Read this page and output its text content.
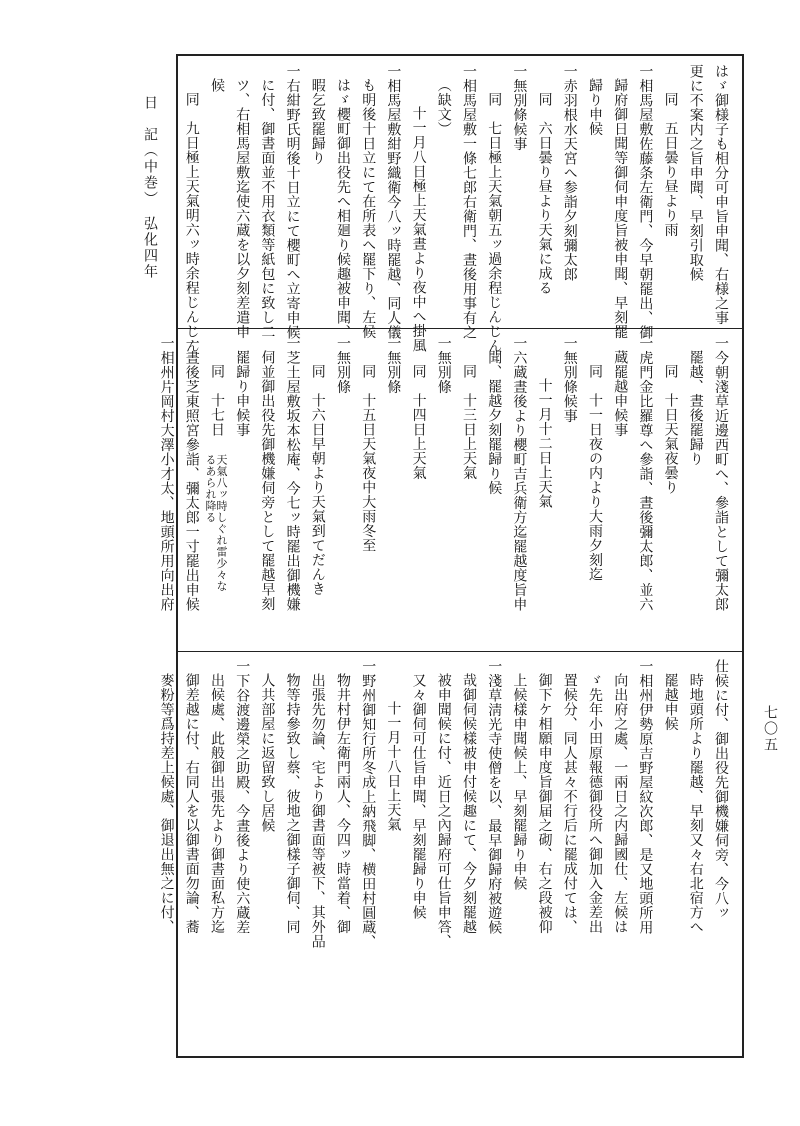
日　記（中巻）　弘化四年
七〇五
はゞ御様子も相分可申旨申聞、右様之事
更に不案内之旨申聞、早刻引取候
同　五日曇り昼より雨
一相馬屋敷佐藤条左衛門、今早朝罷出、御
歸府御日聞等御伺申度旨被申聞、早刻罷
歸り申候
一赤羽根水天宮へ参詣夕刻彌太郎
同　六日曇り昼より天氣に成る
一無別條候事
同　七日極上天氣朝五ッ過余程じんじん
一相馬屋敷一條七郎右衛門、晝後用事有之
（缺文）
十一月八日極上天氣晝より夜中へ掛風
一相馬屋敷紺野織衛今八ッ時罷越、同人儀
も明後十日立にて在所表へ罷下り、左候
はゞ櫻町御出役先へ相廻り候趣被申聞、
暇乞致罷歸り
一右紺野氏明後十日立にて櫻町へ立寄申候
に付、御書面並不用衣類等紙包に致し二
ツ、右相馬屋敷迄使六蔵を以夕刻差遣申
候
同　九日極上天氣明六ッ時余程じんじん
一今朝淺草近邊西町へ、參詣として彌太郎
罷越、晝後罷歸り
同　十日天氣夜曇り
一虎門金比羅尊へ參詣、晝後彌太郎、並六
蔵罷越申候事
同　十一日夜の内より大雨夕刻迄
一無別條候事
十一月十二日上天氣
一六蔵晝後より櫻町吉兵衛方迄罷越度旨申
聞、罷越夕刻罷歸り候
同　十三日上天氣
一無別條
同　十四日上天氣
一無別條
同　十五日天氣夜中大雨冬至
一無別條
同　十六日早朝より天氣到てだんき
一芝土屋敷坂本松庵、今七ッ時罷出御機嫌
伺並御出役先御機嫌伺旁として罷越早刻
罷歸り申候事
同　十七日
天氣八ッ時しぐれ雷少々な
るあられ降る
一晝後芝東照宮參詣、彌太郎一寸罷出申候
一相州片岡村大澤小才太、地頭所用向出府
仕候に付、御出役先御機嫌伺旁、今八ッ
時地頭所より罷越、早刻又々右北宿方へ
罷越申候
一相州伊勢原吉野屋紋次郎、是又地頭所用
向出府之處、一兩日之内歸國仕、左候は
ゞ先年小田原報德御役所へ御加入金差出
置候分、同人甚々不行后に罷成付ては、
御下ケ相願申度旨御届之砌、右之段被仰
上候樣申聞候上、早刻罷歸り申候
一淺草淸光寺使僧を以、最早御歸府被遊候
哉御伺候樣被申付候趣にて、今夕刻罷越
被申聞候に付、近日之內歸府可仕旨申答、
又々御伺可仕旨申聞、早刻罷歸り申候
十一月十八日上天氣
一野州御知行所冬成上納飛脚、横田村圓蔵、
物井村伊左衛門兩人、今四ッ時當着、御
出張先勿論、宅より御書面等被下、其外品
物等持參致し蔡、彼地之御樣子御伺、同
人共部屋に返留致し居候
一下谷渡邊榮之助殿、今晝後より使六蔵差
出候處、此般御出張先より御書面私方迄
御差越に付、右同人を以御書面勿論、蕎
麥粉等爲持差上候處、御退出無之に付、
